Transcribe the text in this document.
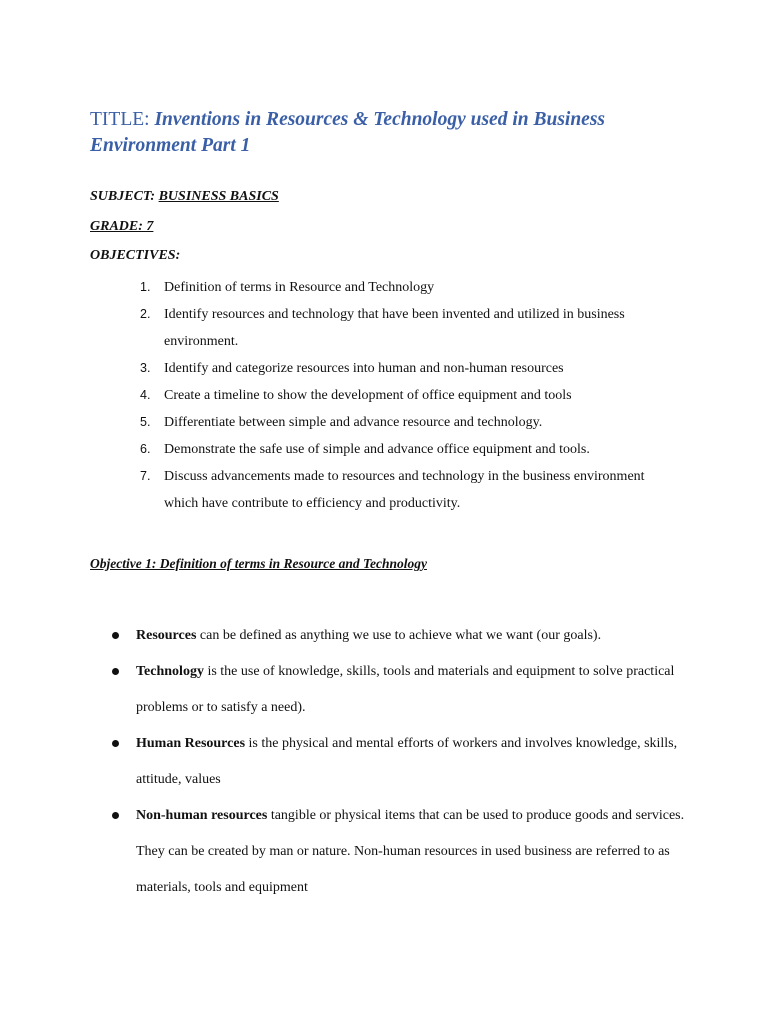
TITLE: Inventions in Resources & Technology used in Business Environment Part 1
SUBJECT: BUSINESS BASICS
GRADE: 7
OBJECTIVES:
1. Definition of terms in Resource and Technology
2. Identify resources and technology that have been invented and utilized in business environment.
3. Identify and categorize resources into human and non-human resources
4. Create a timeline to show the development of office equipment and tools
5. Differentiate between simple and advance resource and technology.
6. Demonstrate the safe use of simple and advance office equipment and tools.
7. Discuss advancements made to resources and technology in the business environment which have contribute to efficiency and productivity.
Objective 1: Definition of terms in Resource and Technology
Resources can be defined as anything we use to achieve what we want (our goals).
Technology is the use of knowledge, skills, tools and materials and equipment to solve practical problems or to satisfy a need).
Human Resources is the physical and mental efforts of workers and involves knowledge, skills, attitude, values
Non-human resources tangible or physical items that can be used to produce goods and services. They can be created by man or nature. Non-human resources in used business are referred to as materials, tools and equipment
